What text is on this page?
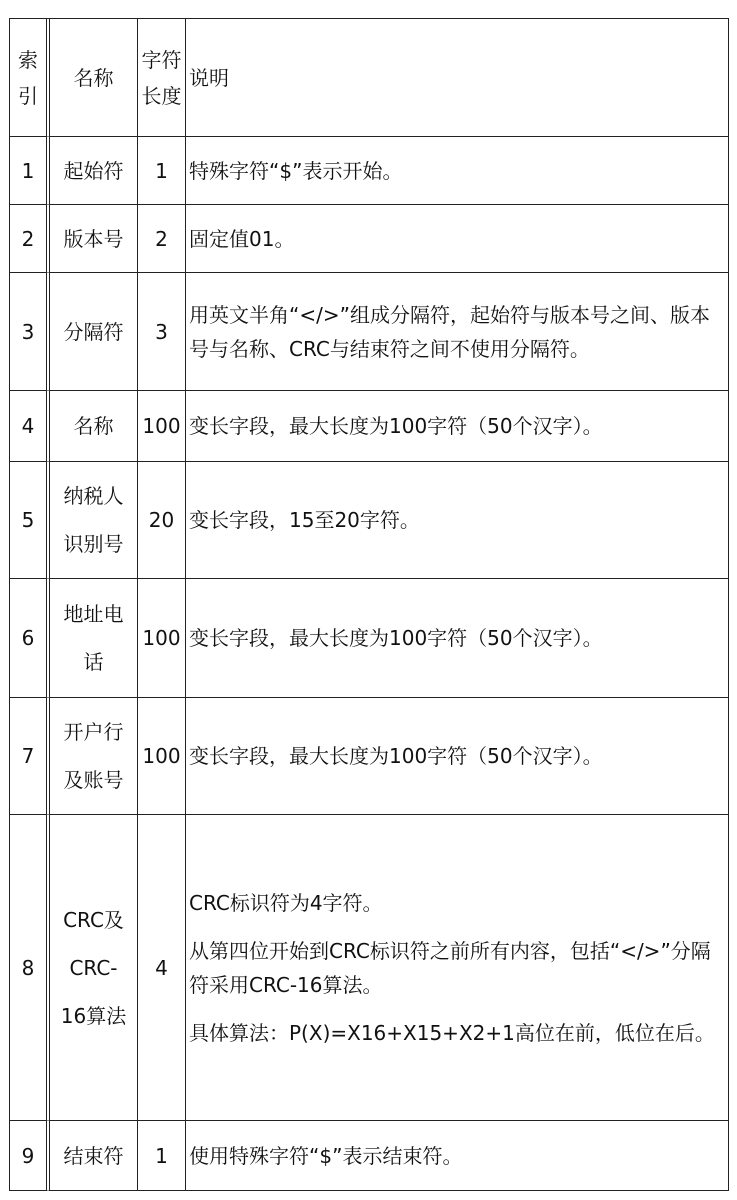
索
引	名称	字符
长度	说明
1	起始符	1	特殊字符“$”表示开始。

2	版本号	2	固定值01。

3	分隔符	3	用英文半角“</>”组成分隔符，起始符与版本号之间、版本号与名称、CRC与结束符之间不使用分隔符。

4	名称	100	变长字段，最大长度为100字符（50个汉字）。

5	纳税人
识别号	20	变长字段，15至20字符。

6	地址电
话	100	变长字段，最大长度为100字符（50个汉字）。

7	开户行
及账号	100	变长字段，最大长度为100字符（50个汉字）。

8	CRC及
CRC-
16算法	4	CRC标识符为4字符。
从第四位开始到CRC标识符之前所有内容，包括“</>”分隔符采用CRC-16算法。
具体算法：P(X)=X16+X15+X2+1高位在前，低位在后。

9	结束符	1	使用特殊字符“$”表示结束符。
